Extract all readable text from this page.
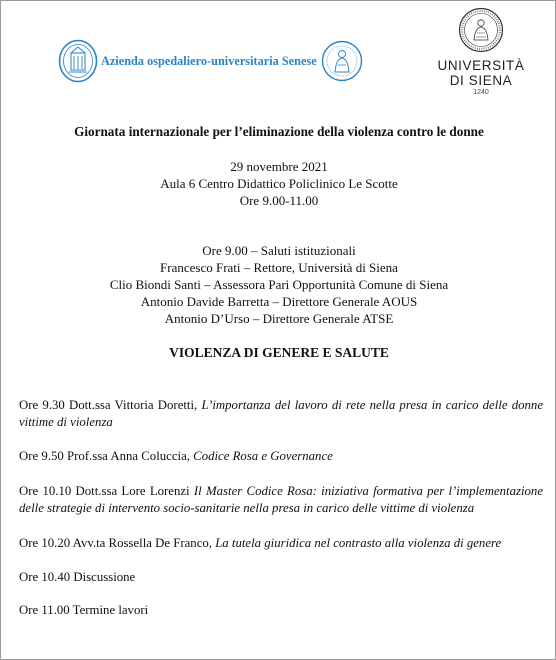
Azienda ospedaliero-universitaria Senese	UNIVERSITÀ
DI SIENA
1240
Giornata internazionale per l’eliminazione della violenza contro le donne
29 novembre 2021
Aula 6 Centro Didattico Policlinico Le Scotte
Ore 9.00-11.00
Ore 9.00 – Saluti istituzionali
Francesco Frati – Rettore, Università di Siena
Clio Biondi Santi – Assessora Pari Opportunità Comune di Siena
Antonio Davide Barretta – Direttore Generale AOUS
Antonio D’Urso – Direttore Generale ATSE
VIOLENZA DI GENERE E SALUTE
Ore 9.30 Dott.ssa Vittoria Doretti, L’importanza del lavoro di rete nella presa in carico delle donne vittime di violenza
Ore 9.50 Prof.ssa Anna Coluccia, Codice Rosa e Governance
Ore 10.10 Dott.ssa Lore Lorenzi Il Master Codice Rosa: iniziativa formativa per l’implementazione delle strategie di intervento socio-sanitarie nella presa in carico delle vittime di violenza
Ore 10.20 Avv.ta Rossella De Franco, La tutela giuridica nel contrasto alla violenza di genere
Ore 10.40 Discussione
Ore 11.00 Termine lavori
